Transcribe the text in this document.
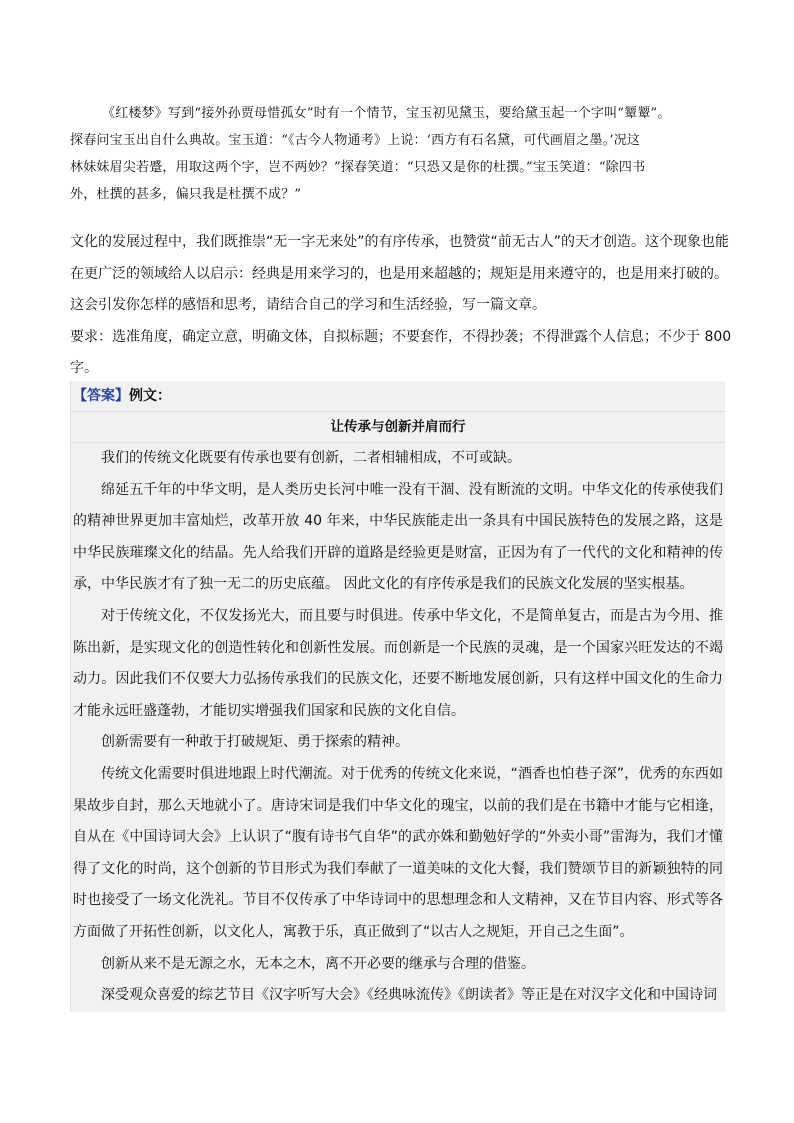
《红楼梦》写到“接外孙贾母惜孤女”时有一个情节，宝玉初见黛玉，要给黛玉起一个字叫“颦颦”。

探春问宝玉出自什么典故。宝玉道：“《古今人物通考》上说：‘西方有石名黛，可代画眉之墨。’况这

林妹妹眉尖若蹙，用取这两个字，岂不两妙？”探春笑道：“只恐又是你的杜撰。”宝玉笑道：“除四书

外，杜撰的甚多，偏只我是杜撰不成？”

文化的发展过程中，我们既推崇“无一字无来处”的有序传承，也赞赏“前无古人”的天才创造。这个现象也能在更广泛的领域给人以启示：经典是用来学习的，也是用来超越的；规矩是用来遵守的，也是用来打破的。这会引发你怎样的感悟和思考，请结合自己的学习和生活经验，写一篇文章。

要求：选准角度，确定立意，明确文体，自拟标题；不要套作，不得抄袭；不得泄露个人信息；不少于 800 字。

【答案】例文：
让传承与创新并肩而行

我们的传统文化既要有传承也要有创新，二者相辅相成，不可或缺。

绵延五千年的中华文明，是人类历史长河中唯一没有干涸、没有断流的文明。中华文化的传承使我们的精神世界更加丰富灿烂，改革开放 40 年来，中华民族能走出一条具有中国民族特色的发展之路，这是中华民族璀璨文化的结晶。先人给我们开辟的道路是经验更是财富，正因为有了一代代的文化和精神的传承，中华民族才有了独一无二的历史底蕴。 因此文化的有序传承是我们的民族文化发展的坚实根基。

对于传统文化，不仅发扬光大，而且要与时俱进。传承中华文化，不是简单复古，而是古为今用、推陈出新，是实现文化的创造性转化和创新性发展。而创新是一个民族的灵魂，是一个国家兴旺发达的不竭动力。因此我们不仅要大力弘扬传承我们的民族文化，还要不断地发展创新，只有这样中国文化的生命力才能永远旺盛蓬勃，才能切实增强我们国家和民族的文化自信。

创新需要有一种敢于打破规矩、勇于探索的精神。

传统文化需要时俱进地跟上时代潮流。对于优秀的传统文化来说，“酒香也怕巷子深”，优秀的东西如果故步自封，那么天地就小了。唐诗宋词是我们中华文化的瑰宝，以前的我们是在书籍中才能与它相逢，自从在《中国诗词大会》上认识了“腹有诗书气自华”的武亦姝和勤勉好学的“外卖小哥”雷海为，我们才懂得了文化的时尚，这个创新的节目形式为我们奉献了一道美味的文化大餐，我们赞颂节目的新颖独特的同时也接受了一场文化洗礼。节目不仅传承了中华诗词中的思想理念和人文精神，又在节目内容、形式等各方面做了开拓性创新，以文化人，寓教于乐，真正做到了“以古人之规矩，开自己之生面”。

创新从来不是无源之水，无本之木，离不开必要的继承与合理的借鉴。

深受观众喜爱的综艺节目《汉字听写大会》《经典咏流传》《朗读者》等正是在对汉字文化和中国诗词
